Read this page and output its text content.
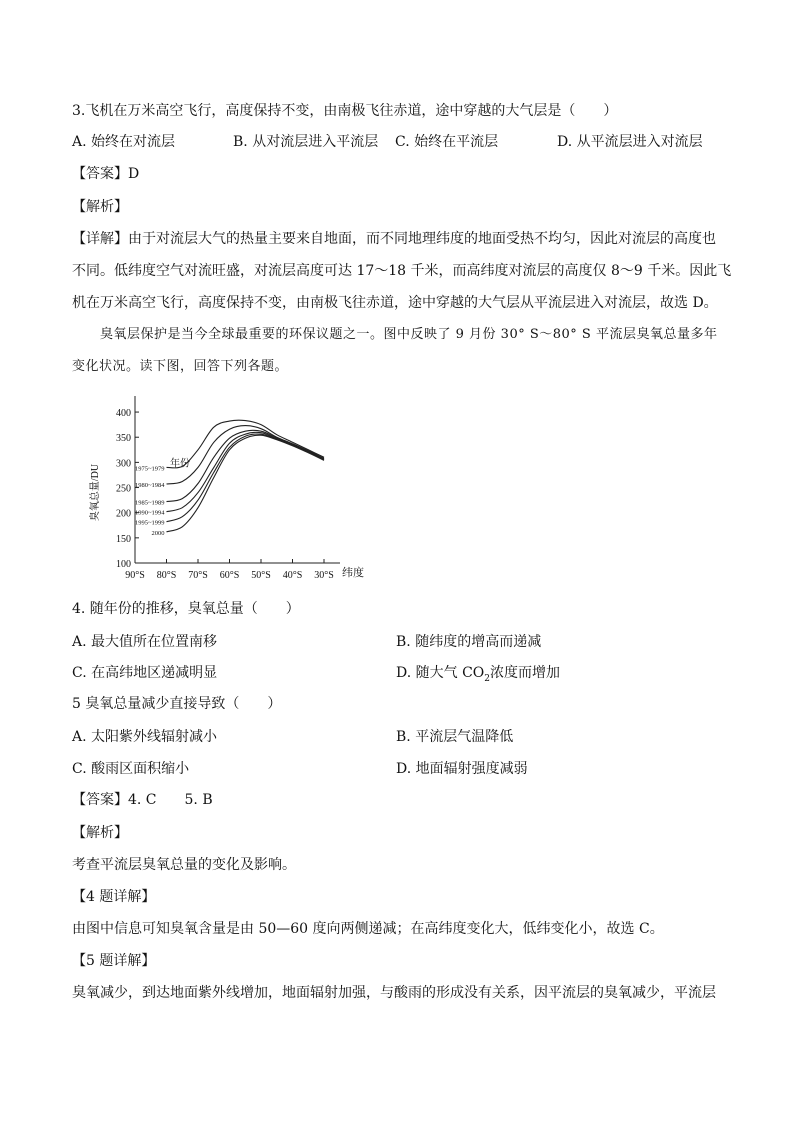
3.飞机在万米高空飞行，高度保持不变，由南极飞往赤道，途中穿越的大气层是（　　）
A. 始终在对流层	B. 从对流层进入平流层 C. 始终在平流层	D. 从平流层进入对流层
【答案】D
【解析】
【详解】由于对流层大气的热量主要来自地面，而不同地理纬度的地面受热不均匀，因此对流层的高度也
不同。低纬度空气对流旺盛，对流层高度可达 17～18 千米，而高纬度对流层的高度仅 8～9 千米。因此飞
机在万米高空飞行，高度保持不变，由南极飞往赤道，途中穿越的大气层从平流层进入对流层，故选 D。
臭氧层保护是当今全球最重要的环保议题之一。图中反映了 9 月份 30° S～80° S 平流层臭氧总量多年
变化状况。读下图，回答下列各题。
100
150
200
250
300
350
400
90°S 80°S 70°S 60°S 50°S 40°S 30°S 纬度
臭氧总量/DU
年份
1975~1979
1980~1984
1985~1989
1990~1994
1995~1999
2000
4. 随年份的推移，臭氧总量（　　）
A. 最大值所在位置南移	B. 随纬度的增高而递减
C. 在高纬地区递减明显	D. 随大气 $CO_2$浓度而增加
5 臭氧总量减少直接导致（　　）
A. 太阳紫外线辐射减小	B. 平流层气温降低
C. 酸雨区面积缩小	D. 地面辐射强度减弱
【答案】4. C　　5. B
【解析】
考查平流层臭氧总量的变化及影响。
【4 题详解】
由图中信息可知臭氧含量是由 50—60 度向两侧递减；在高纬度变化大，低纬变化小，故选 C。
【5 题详解】
臭氧减少，到达地面紫外线增加，地面辐射加强，与酸雨的形成没有关系，因平流层的臭氧减少，平流层
